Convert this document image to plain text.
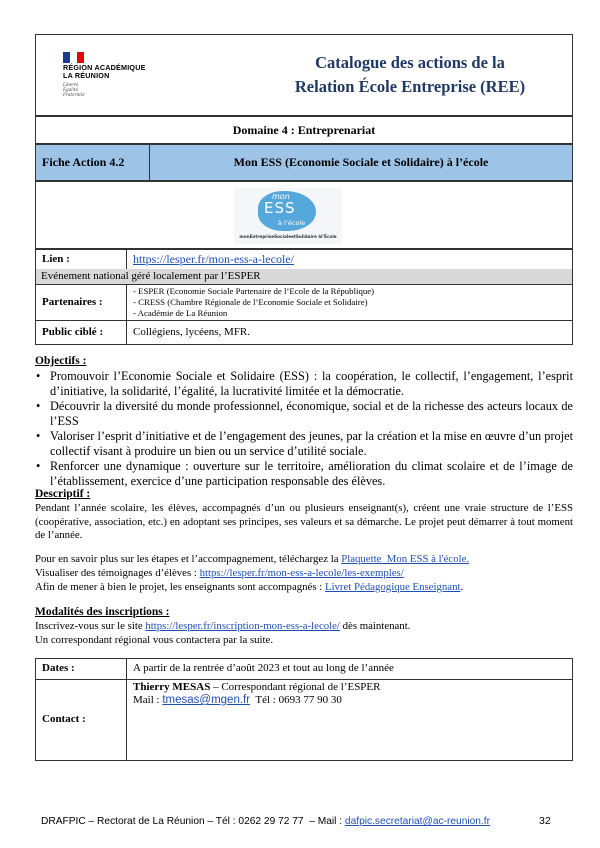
RÉGION ACADÉMIQUE
LA RÉUNION
Liberté
Égalité
Fraternité
Catalogue des actions de la
Relation École Entreprise (REE)
Domaine 4 : Entreprenariat
Fiche Action 4.2	Mon ESS (Economie Sociale et Solidaire) à l’école
mon
ESS
à l’école
monEntrepriseSocialeetSolidaire àl’École
Lien :	https://lesper.fr/mon-ess-a-lecole/
Evénement national géré localement par l’ESPER
Partenaires :
- ESPER (Economie Sociale Partenaire de l’Ecole de la République)
- CRESS (Chambre Régionale de l’Economie Sociale et Solidaire)
- Académie de La Réunion
Public ciblé :	Collégiens, lycéens, MFR.
Objectifs :
• Promouvoir l’Economie Sociale et Solidaire (ESS) : la coopération, le collectif, l’engagement, l’esprit d’initiative, la solidarité, l’égalité, la lucrativité limitée et la démocratie.
• Découvrir la diversité du monde professionnel, économique, social et de la richesse des acteurs locaux de l’ESS
• Valoriser l’esprit d’initiative et de l’engagement des jeunes, par la création et la mise en œuvre d’un projet collectif visant à produire un bien ou un service d’utilité sociale.
• Renforcer une dynamique : ouverture sur le territoire, amélioration du climat scolaire et de l’image de l’établissement, exercice d’une participation responsable des élèves.
Descriptif :

Pendant l’année scolaire, les élèves, accompagnés d’un ou plusieurs enseignant(s), créent une vraie structure de l’ESS (coopérative, association, etc.) en adoptant ses principes, ses valeurs et sa démarche. Le projet peut démarrer à tout moment de l’année.

Pour en savoir plus sur les étapes et l’accompagnement, téléchargez la Plaquette_Mon ESS à l'école.
Visualiser des témoignages d’élèves : https://lesper.fr/mon-ess-a-lecole/les-exemples/
Afin de mener à bien le projet, les enseignants sont accompagnés : Livret Pédagogique Enseignant.
Modalités des inscriptions :
Inscrivez-vous sur le site https://lesper.fr/inscription-mon-ess-a-lecole/ dès maintenant.
Un correspondant régional vous contactera par la suite.
Dates :	A partir de la rentrée d’août 2023 et tout au long de l’année
Contact :
Thierry MESAS – Correspondant régional de l’ESPER
Mail : tmesas@mgen.fr  Tél : 0693 77 90 30
DRAFPIC – Rectorat de La Réunion – Tél : 0262 29 72 77  – Mail : dafpic.secretariat@ac-reunion.fr	32
